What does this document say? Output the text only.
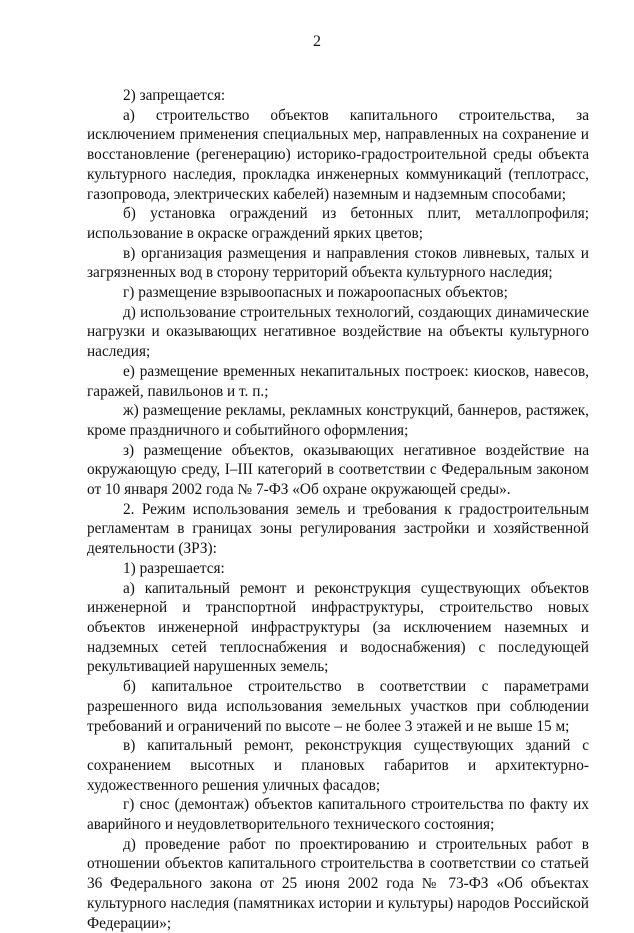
2

2) запрещается:

а) строительство объектов капитального строительства, за исключением применения специальных мер, направленных на сохранение и восстановление (регенерацию) историко-градостроительной среды объекта культурного наследия, прокладка инженерных коммуникаций (теплотрасс, газопровода, электрических кабелей) наземным и надземным способами;

б) установка ограждений из бетонных плит, металлопрофиля; использование в окраске ограждений ярких цветов;

в) организация размещения и направления стоков ливневых, талых и загрязненных вод в сторону территорий объекта культурного наследия;

г) размещение взрывоопасных и пожароопасных объектов;

д) использование строительных технологий, создающих динамические нагрузки и оказывающих негативное воздействие на объекты культурного наследия;

е) размещение временных некапитальных построек: киосков, навесов, гаражей, павильонов и т. п.;

ж) размещение рекламы, рекламных конструкций, баннеров, растяжек, кроме праздничного и событийного оформления;

з) размещение объектов, оказывающих негативное воздействие на окружающую среду, I–III категорий в соответствии с Федеральным законом от 10 января 2002 года № 7-ФЗ «Об охране окружающей среды».

2. Режим использования земель и требования к градостроительным регламентам в границах зоны регулирования застройки и хозяйственной деятельности (ЗРЗ):

1) разрешается:

а) капитальный ремонт и реконструкция существующих объектов инженерной и транспортной инфраструктуры, строительство новых объектов инженерной инфраструктуры (за исключением наземных и надземных сетей теплоснабжения и водоснабжения) с последующей рекультивацией нарушенных земель;

б) капитальное строительство в соответствии с параметрами разрешенного вида использования земельных участков при соблюдении требований и ограничений по высоте – не более 3 этажей и не выше 15 м;

в) капитальный ремонт, реконструкция существующих зданий с сохранением высотных и плановых габаритов и архитектурно-художественного решения уличных фасадов;

г) снос (демонтаж) объектов капитального строительства по факту их аварийного и неудовлетворительного технического состояния;

д) проведение работ по проектированию и строительных работ в отношении объектов капитального строительства в соответствии со статьей 36 Федерального закона от 25 июня 2002 года № 73-ФЗ «Об объектах культурного наследия (памятниках истории и культуры) народов Российской Федерации»;
